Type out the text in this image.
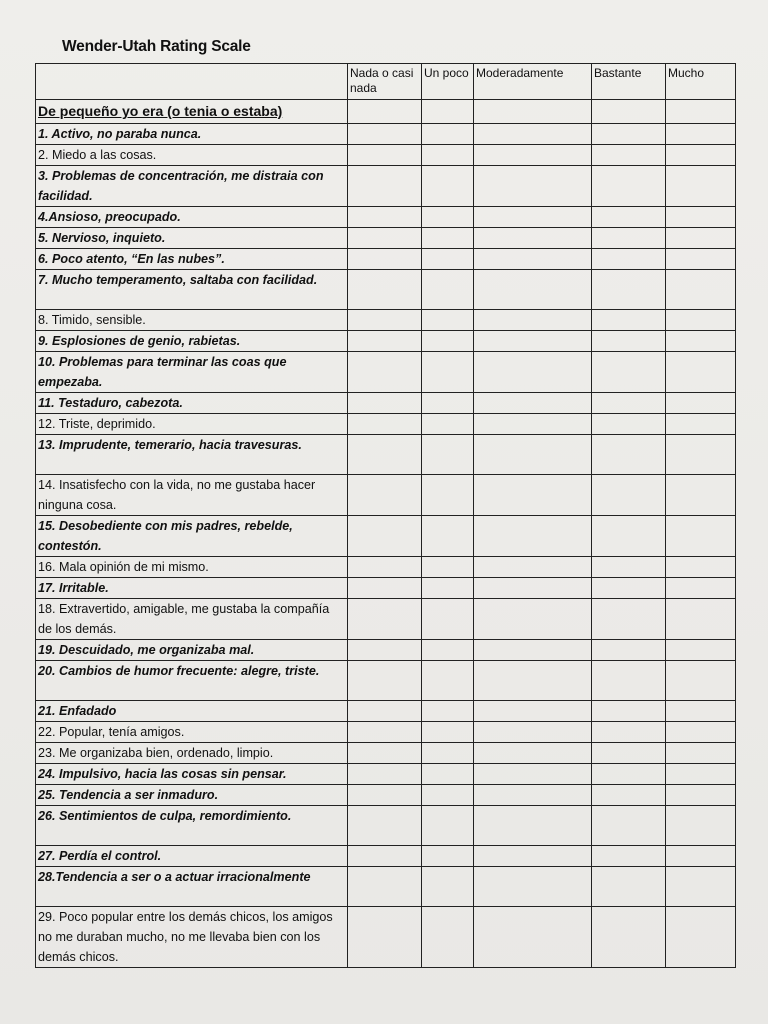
Wender-Utah Rating Scale
	Nada o casi nada	Un poco	Moderadamente	Bastante	Mucho
De pequeño yo era (o tenia o estaba)					
1. Activo, no paraba nunca.					
2. Miedo a las cosas.					
3. Problemas de concentración, me distraia con facilidad.					
4.Ansioso, preocupado.					
5. Nervioso, inquieto.					
6. Poco atento, “En las nubes”.					
7. Mucho temperamento, saltaba con facilidad.					
8. Timido, sensible.					
9. Esplosiones de genio, rabietas.					
10. Problemas para terminar las coas que empezaba.					
11. Testaduro, cabezota.					
12. Triste, deprimido.					
13. Imprudente, temerario, hacia travesuras.					
14. Insatisfecho con la vida, no me gustaba hacer ninguna cosa.					
15. Desobediente con mis padres, rebelde, contestón.					
16. Mala opinión de mi mismo.					
17. Irritable.					
18. Extravertido, amigable, me gustaba la compañía de los demás.					
19. Descuidado, me organizaba mal.					
20. Cambios de humor frecuente: alegre, triste.					
21. Enfadado					
22. Popular, tenía amigos.					
23. Me organizaba bien, ordenado, limpio.					
24. Impulsivo, hacia las cosas sin pensar.					
25. Tendencia a ser inmaduro.					
26. Sentimientos de culpa, remordimiento.					
27. Perdía el control.					
28.Tendencia a ser o a actuar irracionalmente					
29. Poco popular entre los demás chicos, los amigos no me duraban mucho, no me llevaba bien con los demás chicos.					
